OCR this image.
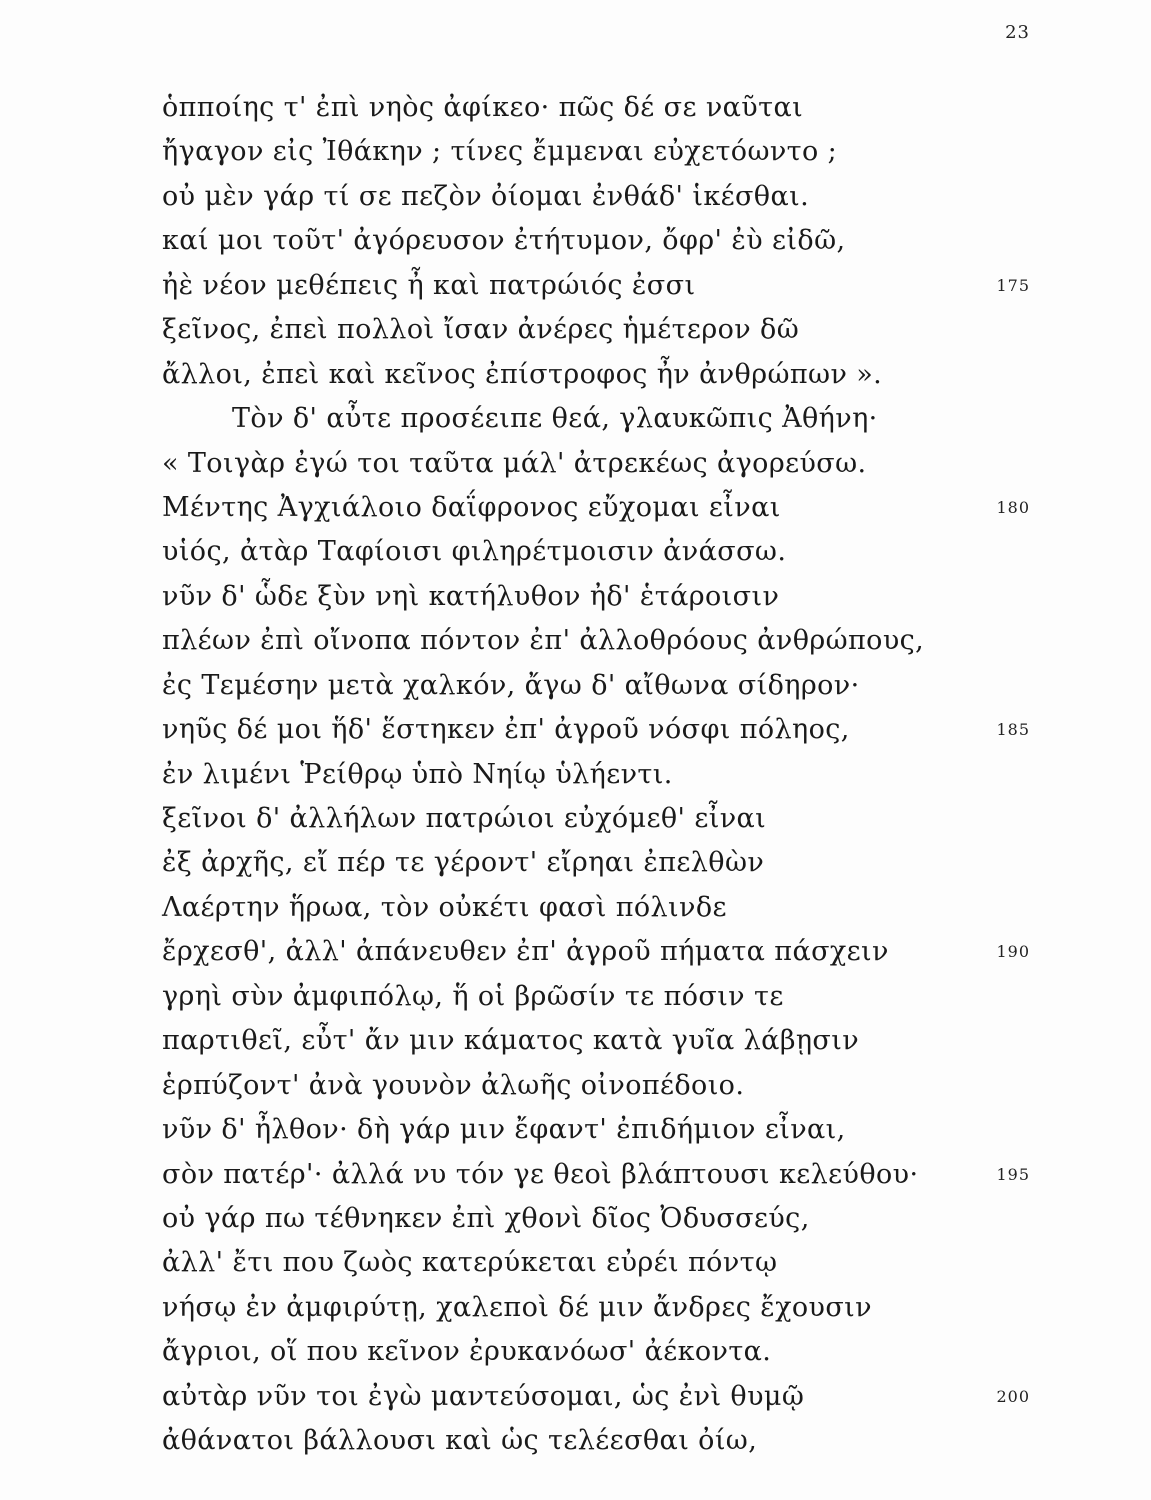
23
ὁπποίης τ' ἐπὶ νηὸς ἀφίκεο· πῶς δέ σε ναῦται
ἤγαγον εἰς Ἰθάκην ; τίνες ἔμμεναι εὐχετόωντο ;
οὐ μὲν γάρ τί σε πεζὸν ὀίομαι ἐνθάδ' ἱκέσθαι.
καί μοι τοῦτ' ἀγόρευσον ἐτήτυμον, ὄφρ' ἐὺ εἰδῶ,
ἠὲ νέον μεθέπεις ἦ καὶ πατρώιός ἐσσι	175
ξεῖνος, ἐπεὶ πολλοὶ ἴσαν ἀνέρες ἡμέτερον δῶ
ἄλλοι, ἐπεὶ καὶ κεῖνος ἐπίστροφος ἦν ἀνθρώπων ».
Τὸν δ' αὖτε προσέειπε θεά, γλαυκῶπις Ἀθήνη·
« Τοιγὰρ ἐγώ τοι ταῦτα μάλ' ἀτρεκέως ἀγορεύσω.
Μέντης Ἀγχιάλοιο δαΐφρονος εὔχομαι εἶναι	180
υἱός, ἀτὰρ Ταφίοισι φιληρέτμοισιν ἀνάσσω.
νῦν δ' ὧδε ξὺν νηὶ κατήλυθον ἠδ' ἑτάροισιν
πλέων ἐπὶ οἴνοπα πόντον ἐπ' ἀλλοθρόους ἀνθρώπους,
ἐς Τεμέσην μετὰ χαλκόν, ἄγω δ' αἴθωνα σίδηρον·
νηῦς δέ μοι ἥδ' ἕστηκεν ἐπ' ἀγροῦ νόσφι πόληος,	185
ἐν λιμένι Ῥείθρῳ ὑπὸ Νηίῳ ὑλήεντι.
ξεῖνοι δ' ἀλλήλων πατρώιοι εὐχόμεθ' εἶναι
ἐξ ἀρχῆς, εἴ πέρ τε γέροντ' εἴρηαι ἐπελθὼν
Λαέρτην ἥρωα, τὸν οὐκέτι φασὶ πόλινδε
ἔρχεσθ', ἀλλ' ἀπάνευθεν ἐπ' ἀγροῦ πήματα πάσχειν	190
γρηὶ σὺν ἀμφιπόλῳ, ἥ οἱ βρῶσίν τε πόσιν τε
παρτιθεῖ, εὖτ' ἄν μιν κάματος κατὰ γυῖα λάβῃσιν
ἑρπύζοντ' ἀνὰ γουνὸν ἀλωῆς οἰνοπέδοιο.
νῦν δ' ἦλθον· δὴ γάρ μιν ἔφαντ' ἐπιδήμιον εἶναι,
σὸν πατέρ'· ἀλλά νυ τόν γε θεοὶ βλάπτουσι κελεύθου·	195
οὐ γάρ πω τέθνηκεν ἐπὶ χθονὶ δῖος Ὀδυσσεύς,
ἀλλ' ἔτι που ζωὸς κατερύκεται εὐρέι πόντῳ
νήσῳ ἐν ἀμφιρύτῃ, χαλεποὶ δέ μιν ἄνδρες ἔχουσιν
ἄγριοι, οἵ που κεῖνον ἐρυκανόωσ' ἀέκοντα.
αὐτὰρ νῦν τοι ἐγὼ μαντεύσομαι, ὡς ἐνὶ θυμῷ	200
ἀθάνατοι βάλλουσι καὶ ὡς τελέεσθαι ὀίω,
